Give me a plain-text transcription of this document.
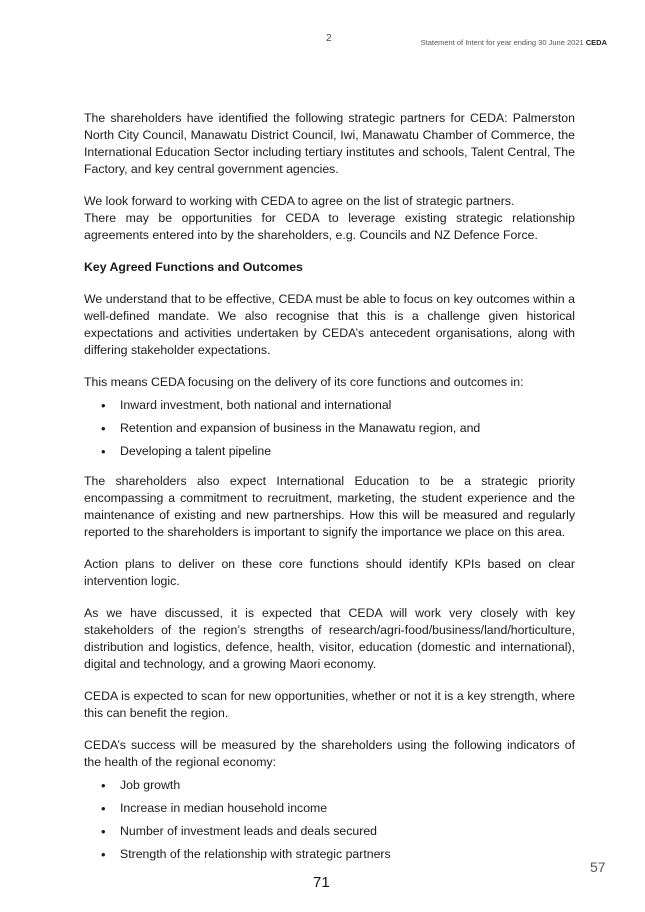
2	Statement of Intent for year ending 30 June 2021 CEDA

The shareholders have identified the following strategic partners for CEDA: Palmerston North City Council, Manawatu District Council, Iwi, Manawatu Chamber of Commerce, the International Education Sector including tertiary institutes and schools, Talent Central, The Factory, and key central government agencies.

We look forward to working with CEDA to agree on the list of strategic partners.

There may be opportunities for CEDA to leverage existing strategic relationship agreements entered into by the shareholders, e.g. Councils and NZ Defence Force.

Key Agreed Functions and Outcomes

We understand that to be effective, CEDA must be able to focus on key outcomes within a well-defined mandate. We also recognise that this is a challenge given historical expectations and activities undertaken by CEDA’s antecedent organisations, along with differing stakeholder expectations.

This means CEDA focusing on the delivery of its core functions and outcomes in:

• Inward investment, both national and international
• Retention and expansion of business in the Manawatu region, and
• Developing a talent pipeline

The shareholders also expect International Education to be a strategic priority encompassing a commitment to recruitment, marketing, the student experience and the maintenance of existing and new partnerships. How this will be measured and regularly reported to the shareholders is important to signify the importance we place on this area.

Action plans to deliver on these core functions should identify KPIs based on clear intervention logic.

As we have discussed, it is expected that CEDA will work very closely with key stakeholders of the region’s strengths of research/agri-food/business/land/horticulture, distribution and logistics, defence, health, visitor, education (domestic and international), digital and technology, and a growing Maori economy.

CEDA is expected to scan for new opportunities, whether or not it is a key strength, where this can benefit the region.

CEDA’s success will be measured by the shareholders using the following indicators of the health of the regional economy:

• Job growth
• Increase in median household income
• Number of investment leads and deals secured
• Strength of the relationship with strategic partners
57
71
